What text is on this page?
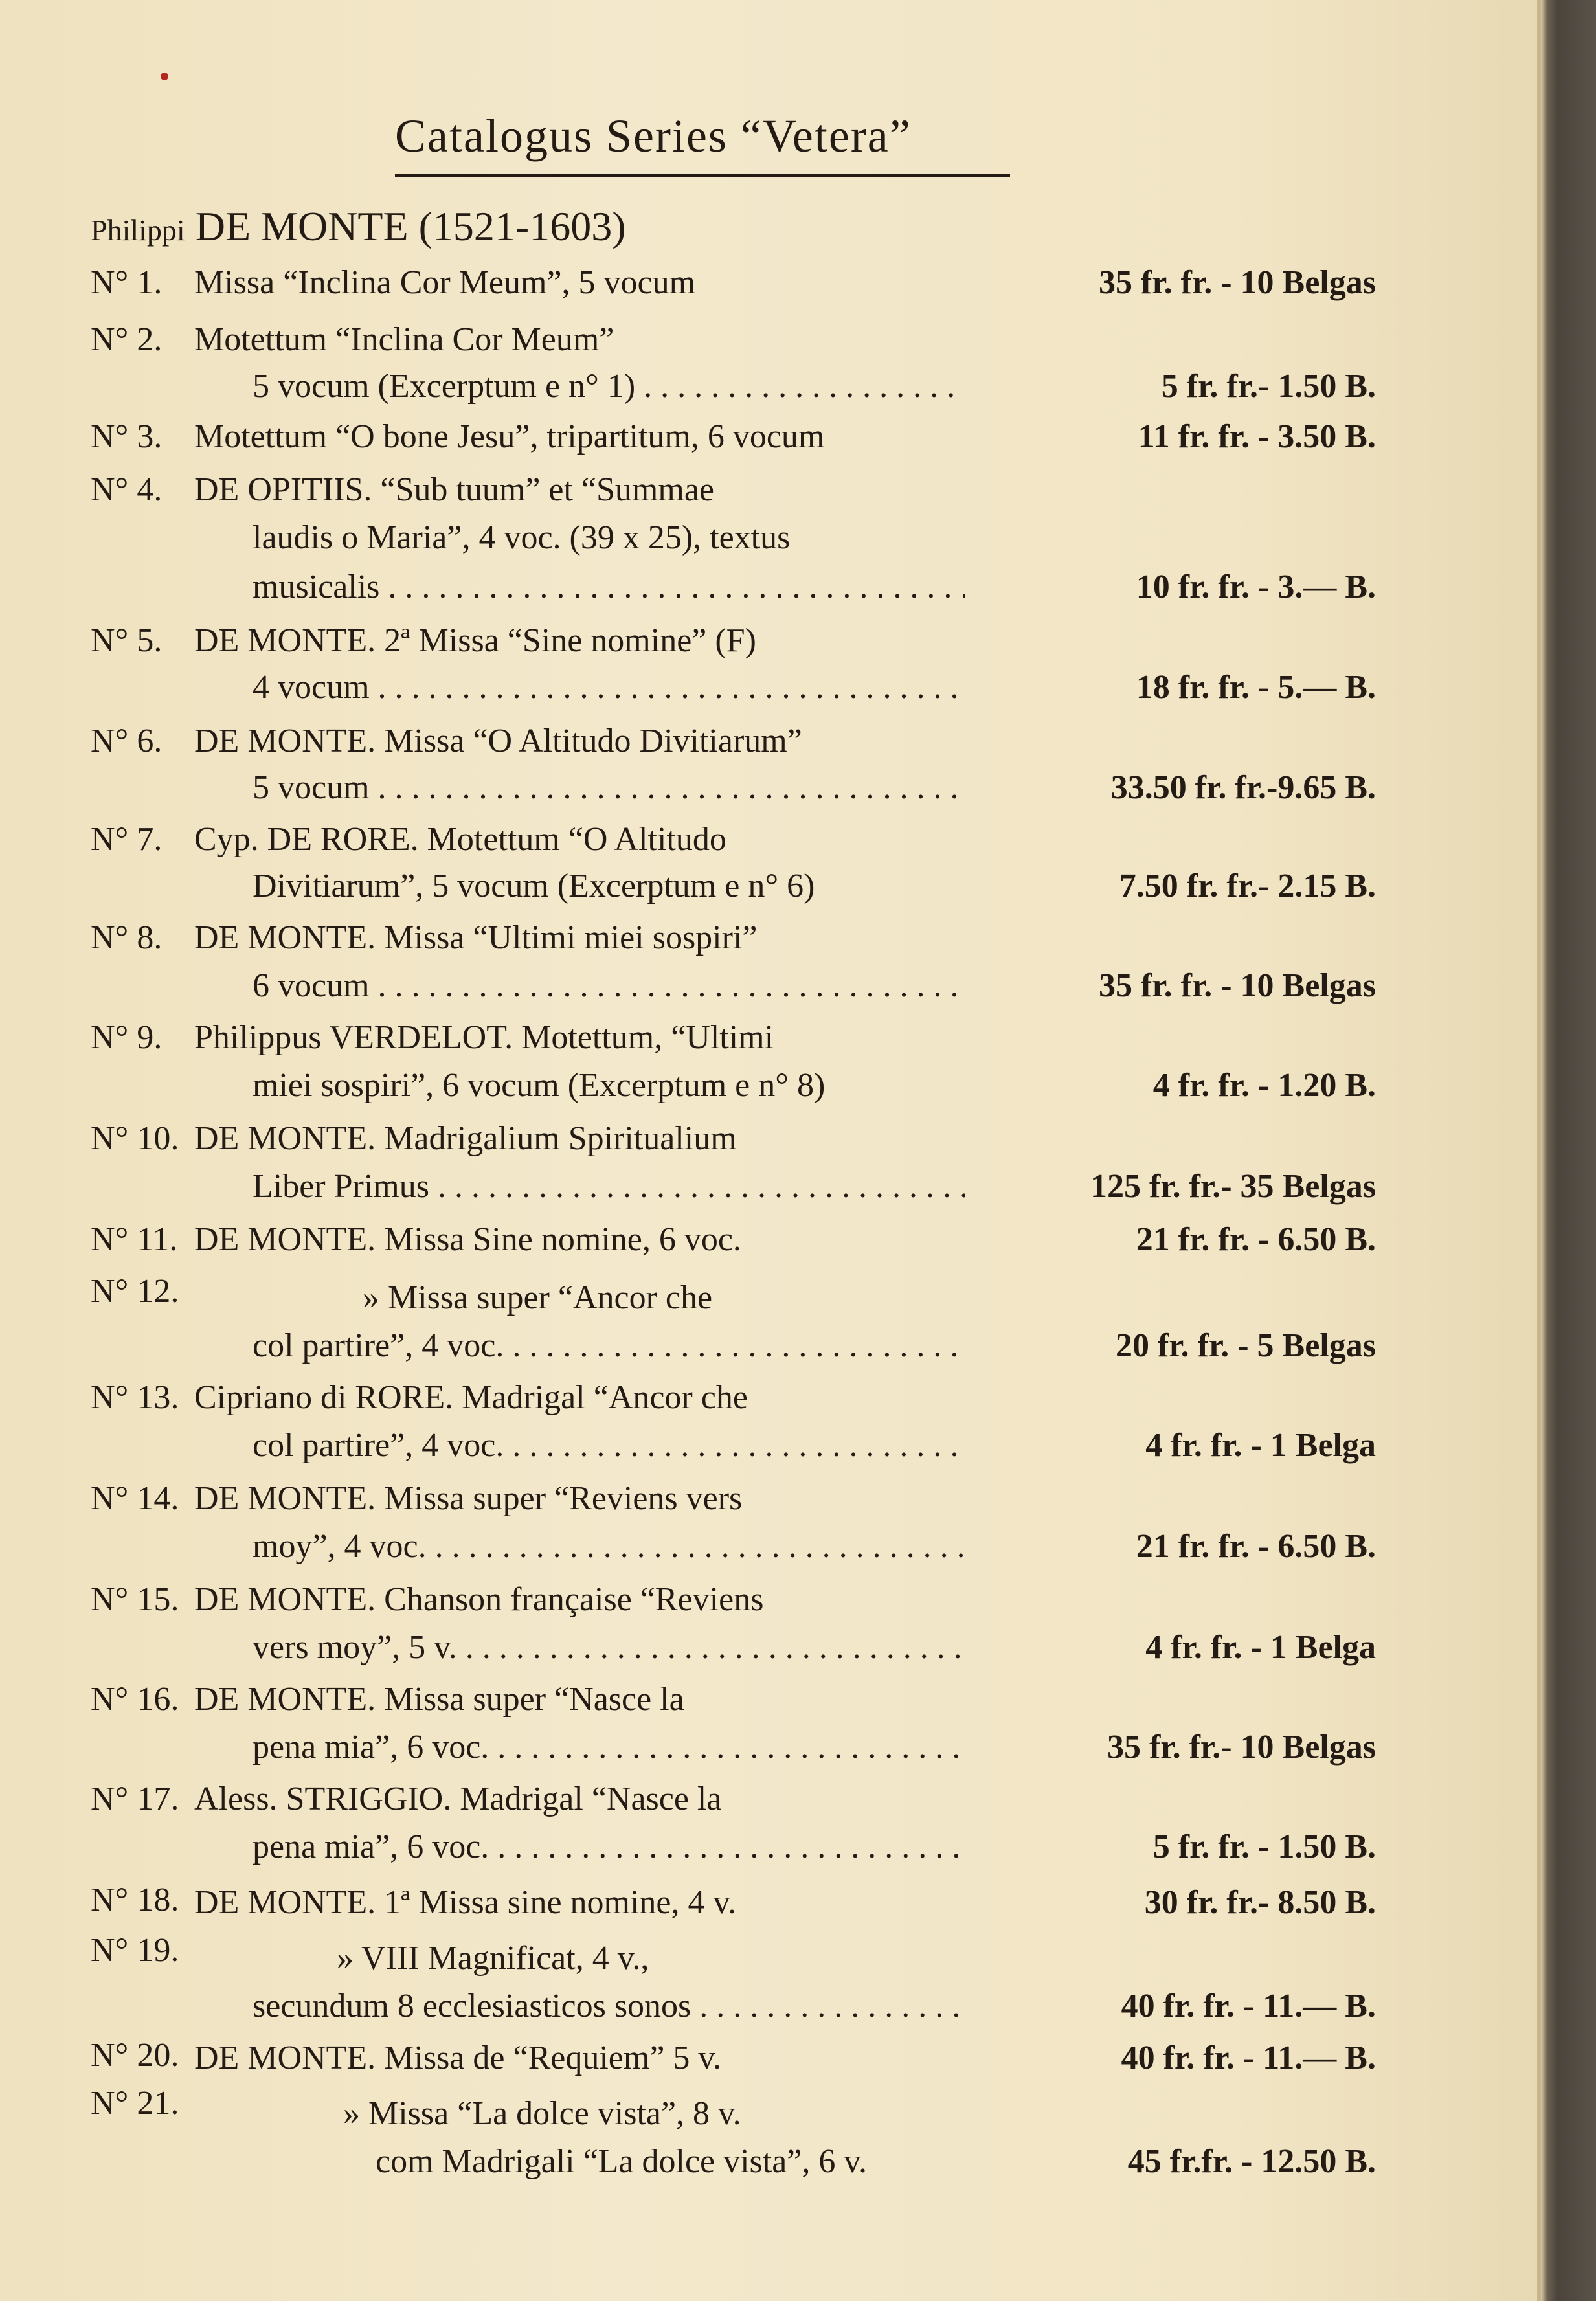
Catalogus Series “Vetera”
Philippi DE MONTE (1521-1603)
N° 1. Missa “Inclina Cor Meum”, 5 vocum	35 fr. fr. - 10 Belgas
N° 2. Motettum “Inclina Cor Meum”
5 vocum (Excerptum e n° 1) . . .	5 fr. fr.- 1.50 B.
N° 3. Motettum “O bone Jesu”, tripartitum, 6 vocum	11 fr. fr. - 3.50 B.
N° 4. DE OPITIIS. “Sub tuum” et “Summae
laudis o Maria”, 4 voc. (39 x 25), textus
musicalis . . .	10 fr. fr. - 3.— B.
N° 5. DE MONTE. 2ª Missa “Sine nomine” (F)
4 vocum . . .	18 fr. fr. - 5.— B.
N° 6. DE MONTE. Missa “O Altitudo Divitiarum”
5 vocum . . .	33.50 fr. fr.-9.65 B.
N° 7. Cyp. DE RORE. Motettum “O Altitudo
Divitiarum”, 5 vocum (Excerptum e n° 6)	7.50 fr. fr.- 2.15 B.
N° 8. DE MONTE. Missa “Ultimi miei sospiri”
6 vocum . . .	35 fr. fr. - 10 Belgas
N° 9. Philippus VERDELOT. Motettum, “Ultimi
miei sospiri”, 6 vocum (Excerptum e n° 8)	4 fr. fr. - 1.20 B.
N° 10. DE MONTE. Madrigalium Spiritualium
Liber Primus . . .	125 fr. fr.- 35 Belgas
N° 11. DE MONTE. Missa Sine nomine, 6 voc.	21 fr. fr. - 6.50 B.
N° 12.	» Missa super “Ancor che
col partire”, 4 voc. . . .	20 fr. fr. - 5 Belgas
N° 13. Cipriano di RORE. Madrigal “Ancor che
col partire”, 4 voc. . . .	4 fr. fr. - 1 Belga
N° 14. DE MONTE. Missa super “Reviens vers
moy”, 4 voc. . . .	21 fr. fr. - 6.50 B.
N° 15. DE MONTE. Chanson française “Reviens
vers moy”, 5 v. . . .	4 fr. fr. - 1 Belga
N° 16. DE MONTE. Missa super “Nasce la
pena mia”, 6 voc. . . .	35 fr. fr.- 10 Belgas
N° 17. Aless. STRIGGIO. Madrigal “Nasce la
pena mia”, 6 voc. . . .	5 fr. fr. - 1.50 B.
N° 18. DE MONTE. 1ª Missa sine nomine, 4 v.	30 fr. fr.- 8.50 B.
N° 19.	» VIII Magnificat, 4 v.,
secundum 8 ecclesiasticos sonos . . .	40 fr. fr. - 11.— B.
N° 20. DE MONTE. Missa de “Requiem” 5 v.	40 fr. fr. - 11.— B.
N° 21.	» Missa “La dolce vista”, 8 v.
com Madrigali “La dolce vista”, 6 v.	45 fr.fr. - 12.50 B.
